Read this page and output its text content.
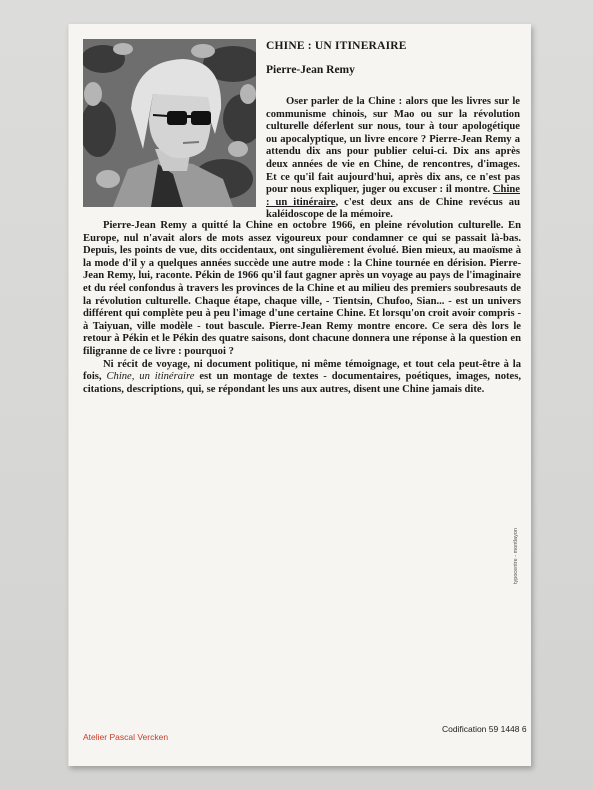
CHINE : UN ITINERAIRE
Pierre-Jean Remy

Oser parler de la Chine : alors que les livres sur le communisme chinois, sur Mao ou sur la révolution culturelle déferlent sur nous, tour à tour apologétique ou apocalyptique, un livre encore ? Pierre-Jean Remy a attendu dix ans pour publier celui-ci. Dix ans après deux années de vie en Chine, de rencontres, d'images. Et ce qu'il fait aujourd'hui, après dix ans, ce n'est pas pour nous expliquer, juger ou excuser : il montre. Chine : un itinéraire, c'est deux ans de Chine revécus au kaléidoscope de la mémoire.

Pierre-Jean Remy a quitté la Chine en octobre 1966, en pleine révolution culturelle. En Europe, nul n'avait alors de mots assez vigoureux pour condamner ce qui se passait là-bas. Depuis, les points de vue, dits occidentaux, ont singulièrement évolué. Bien mieux, au maoïsme à la mode d'il y a quelques années succède une autre mode : la Chine tournée en dérision. Pierre-Jean Remy, lui, raconte. Pékin de 1966 qu'il faut gagner après un voyage au pays de l'imaginaire et du réel confondus à travers les provinces de la Chine et au milieu des premiers soubresauts de la révolution culturelle. Chaque étape, chaque ville, - Tientsin, Chufoo, Sian... - est un univers différent qui complète peu à peu l'image d'une certaine Chine. Et lorsqu'on croit avoir compris - à Taiyuan, ville modèle - tout bascule. Pierre-Jean Remy montre encore. Ce sera dès lors le retour à Pékin et le Pékin des quatre saisons, dont chacune donnera une réponse à la question en filigranne de ce livre : pourquoi ?

Ni récit de voyage, ni document politique, ni même témoignage, et tout cela peut-être à la fois, Chine, un itinéraire est un montage de textes - documentaires, poétiques, images, notes, citations, descriptions, qui, se répondant les uns aux autres, disent une Chine jamais dite.

typocentre - montlayon
Atelier Pascal Vercken
Codification 59 1448 6
